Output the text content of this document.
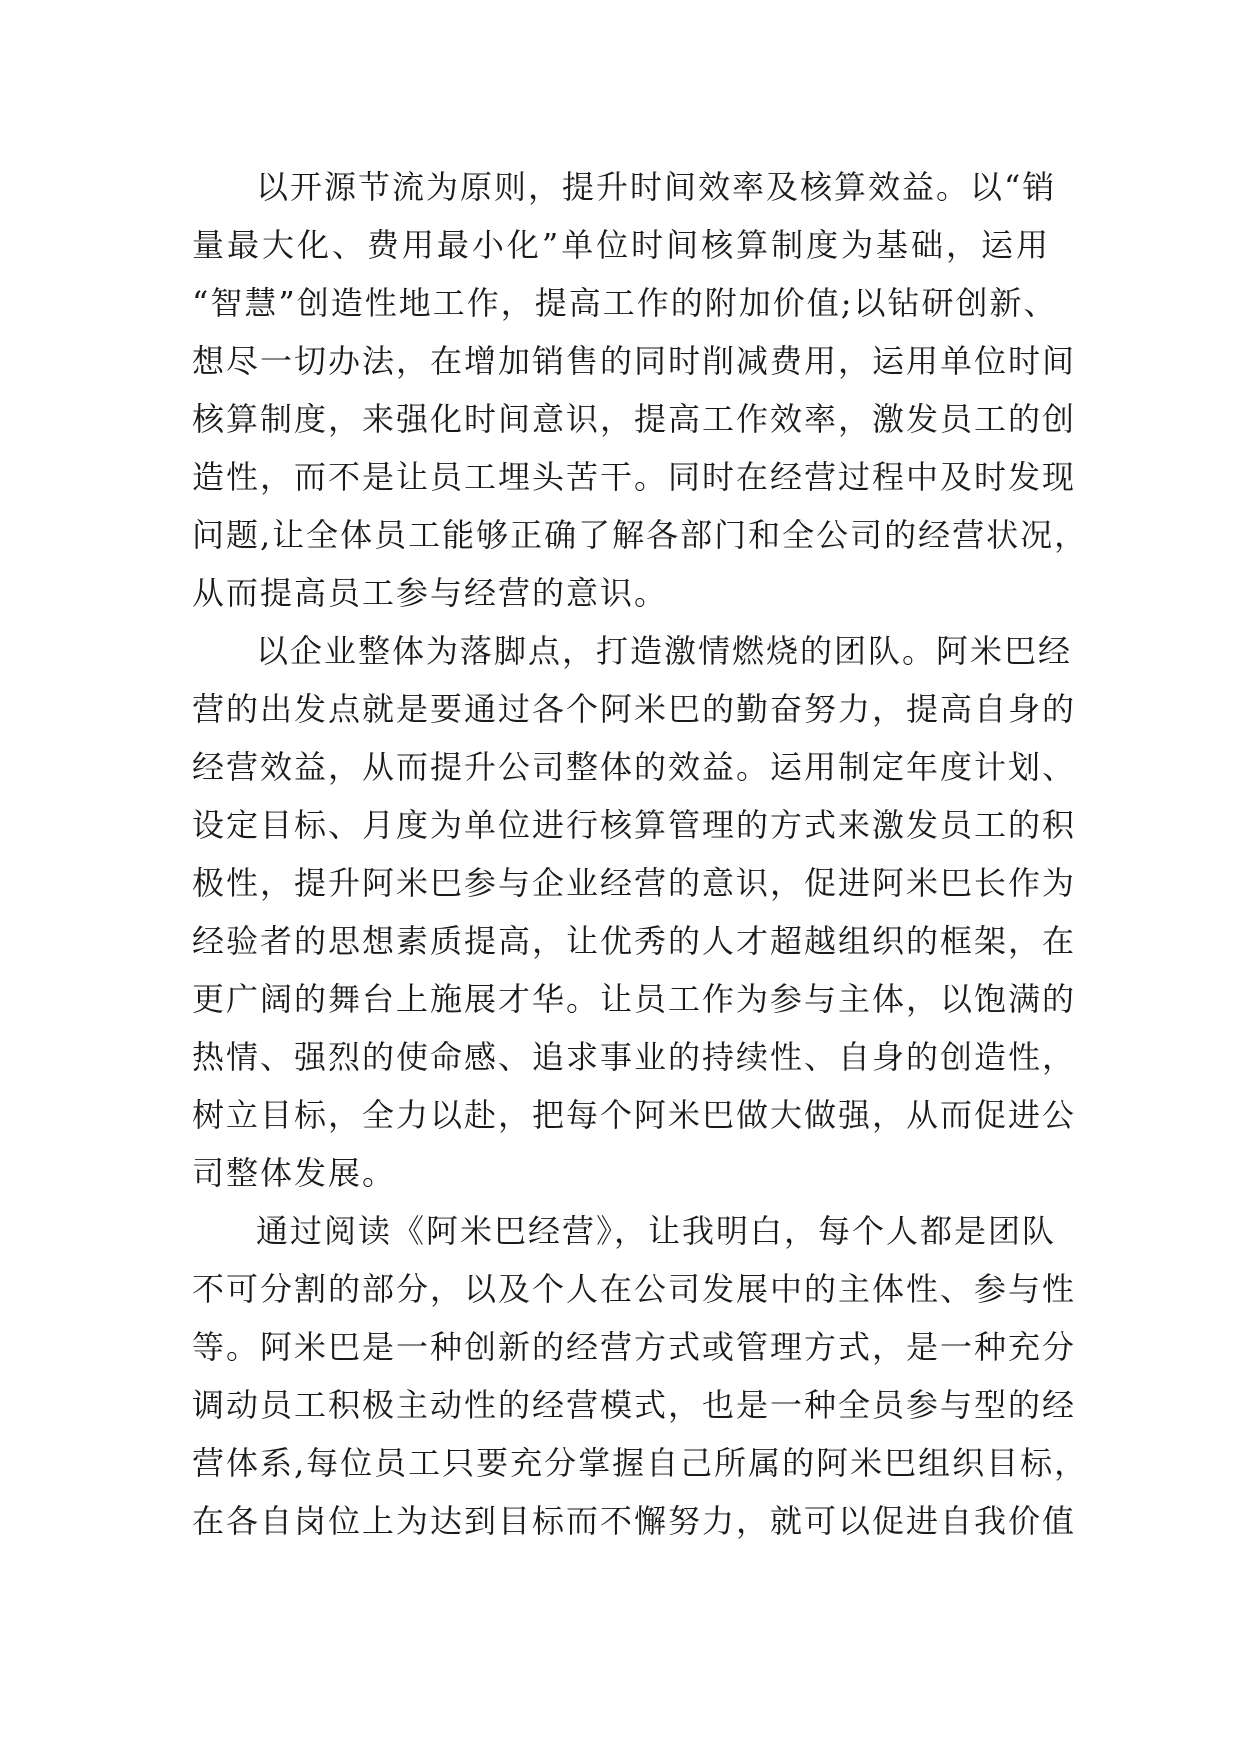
以开源节流为原则，提升时间效率及核算效益。以“销
量最大化、费用最小化”单位时间核算制度为基础，运用
“智慧”创造性地工作，提高工作的附加价值;以钻研创新、
想尽一切办法，在增加销售的同时削减费用，运用单位时间
核算制度，来强化时间意识，提高工作效率，激发员工的创
造性，而不是让员工埋头苦干。同时在经营过程中及时发现
问题,让全体员工能够正确了解各部门和全公司的经营状况，
从而提高员工参与经营的意识。
以企业整体为落脚点，打造激情燃烧的团队。阿米巴经
营的出发点就是要通过各个阿米巴的勤奋努力，提高自身的
经营效益，从而提升公司整体的效益。运用制定年度计划、
设定目标、月度为单位进行核算管理的方式来激发员工的积
极性，提升阿米巴参与企业经营的意识，促进阿米巴长作为
经验者的思想素质提高，让优秀的人才超越组织的框架，在
更广阔的舞台上施展才华。让员工作为参与主体，以饱满的
热情、强烈的使命感、追求事业的持续性、自身的创造性，
树立目标，全力以赴，把每个阿米巴做大做强，从而促进公
司整体发展。
通过阅读《阿米巴经营》，让我明白，每个人都是团队
不可分割的部分，以及个人在公司发展中的主体性、参与性
等。阿米巴是一种创新的经营方式或管理方式，是一种充分
调动员工积极主动性的经营模式，也是一种全员参与型的经
营体系,每位员工只要充分掌握自己所属的阿米巴组织目标，
在各自岗位上为达到目标而不懈努力，就可以促进自我价值
